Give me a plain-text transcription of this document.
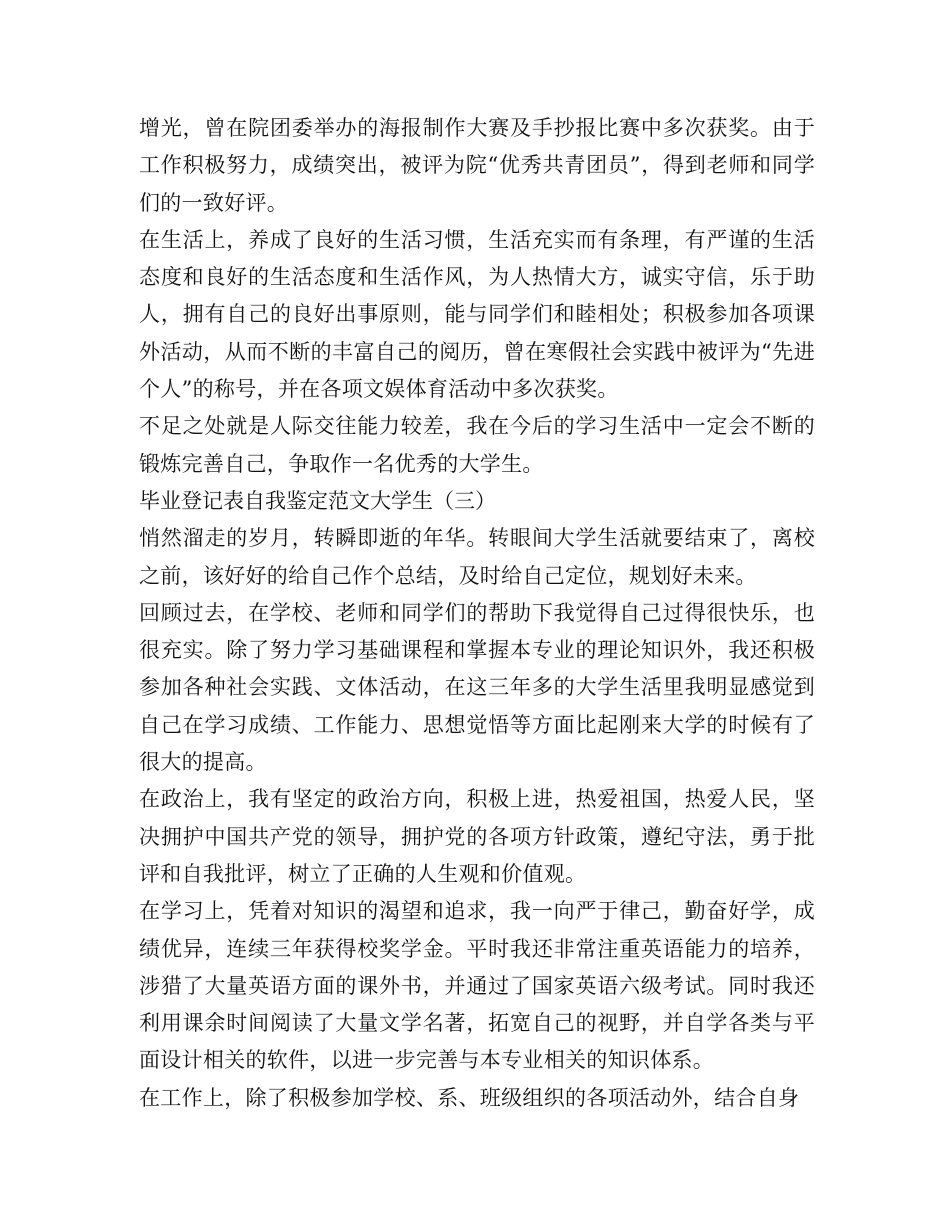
增光，曾在院团委举办的海报制作大赛及手抄报比赛中多次获奖。由于工作积极努力，成绩突出，被评为院“优秀共青团员”，得到老师和同学们的一致好评。

在生活上，养成了良好的生活习惯，生活充实而有条理，有严谨的生活态度和良好的生活态度和生活作风，为人热情大方，诚实守信，乐于助人，拥有自己的良好出事原则，能与同学们和睦相处；积极参加各项课外活动，从而不断的丰富自己的阅历，曾在寒假社会实践中被评为“先进个人”的称号，并在各项文娱体育活动中多次获奖。

不足之处就是人际交往能力较差，我在今后的学习生活中一定会不断的锻炼完善自己，争取作一名优秀的大学生。

毕业登记表自我鉴定范文大学生（三）

悄然溜走的岁月，转瞬即逝的年华。转眼间大学生活就要结束了，离校之前，该好好的给自己作个总结，及时给自己定位，规划好未来。

回顾过去，在学校、老师和同学们的帮助下我觉得自己过得很快乐，也很充实。除了努力学习基础课程和掌握本专业的理论知识外，我还积极参加各种社会实践、文体活动，在这三年多的大学生活里我明显感觉到自己在学习成绩、工作能力、思想觉悟等方面比起刚来大学的时候有了很大的提高。

在政治上，我有坚定的政治方向，积极上进，热爱祖国，热爱人民，坚决拥护中国共产党的领导，拥护党的各项方针政策，遵纪守法，勇于批评和自我批评，树立了正确的人生观和价值观。

在学习上，凭着对知识的渴望和追求，我一向严于律己，勤奋好学，成绩优异，连续三年获得校奖学金。平时我还非常注重英语能力的培养，涉猎了大量英语方面的课外书，并通过了国家英语六级考试。同时我还利用课余时间阅读了大量文学名著，拓宽自己的视野，并自学各类与平面设计相关的软件，以进一步完善与本专业相关的知识体系。

在工作上，除了积极参加学校、系、班级组织的各项活动外，结合自身
